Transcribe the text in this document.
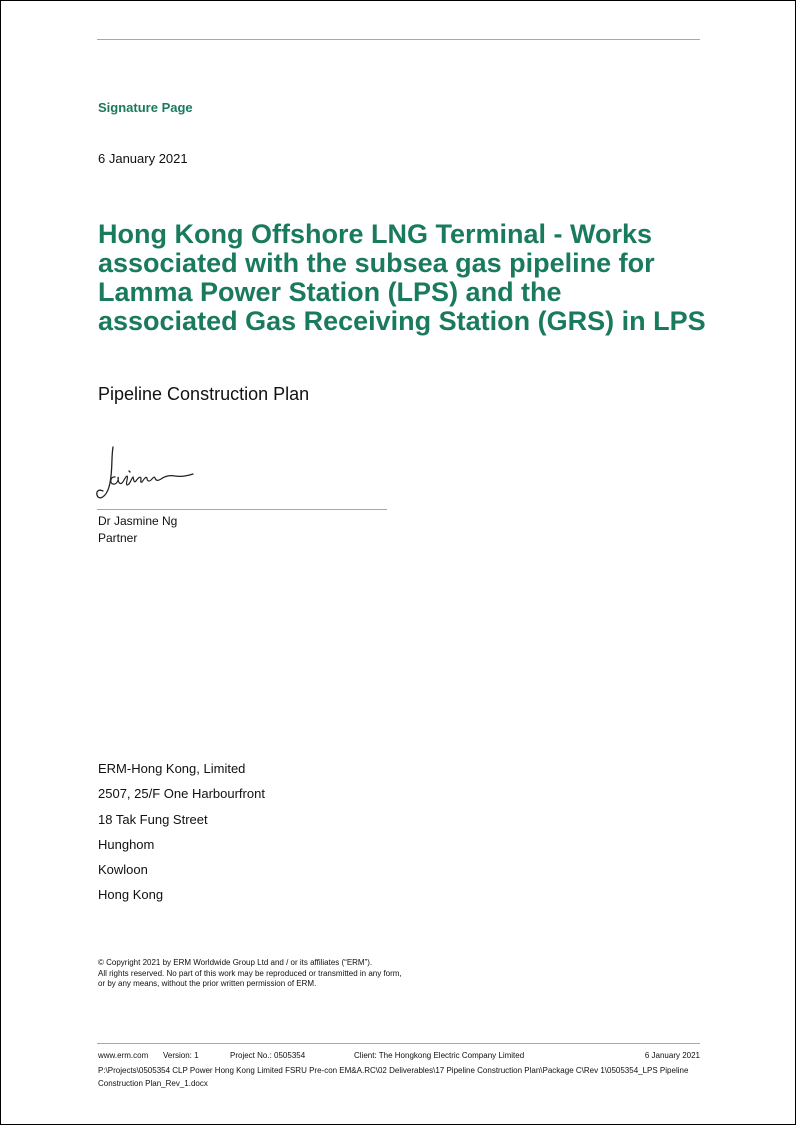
Signature Page
6 January 2021
Hong Kong Offshore LNG Terminal - Works associated with the subsea gas pipeline for Lamma Power Station (LPS) and the associated Gas Receiving Station (GRS) in LPS
Pipeline Construction Plan
Dr Jasmine Ng
Partner
ERM-Hong Kong, Limited
2507, 25/F One Harbourfront
18 Tak Fung Street
Hunghom
Kowloon
Hong Kong
© Copyright 2021 by ERM Worldwide Group Ltd and / or its affiliates (“ERM”).
All rights reserved. No part of this work may be reproduced or transmitted in any form,
or by any means, without the prior written permission of ERM.
www.erm.com Version: 1	Project No.: 0505354	Client: The Hongkong Electric Company Limited	6 January 2021
P:\Projects\0505354 CLP Power Hong Kong Limited FSRU Pre-con EM&A.RC\02 Deliverables\17 Pipeline Construction Plan\Package C\Rev 1\0505354_LPS Pipeline Construction Plan_Rev_1.docx
